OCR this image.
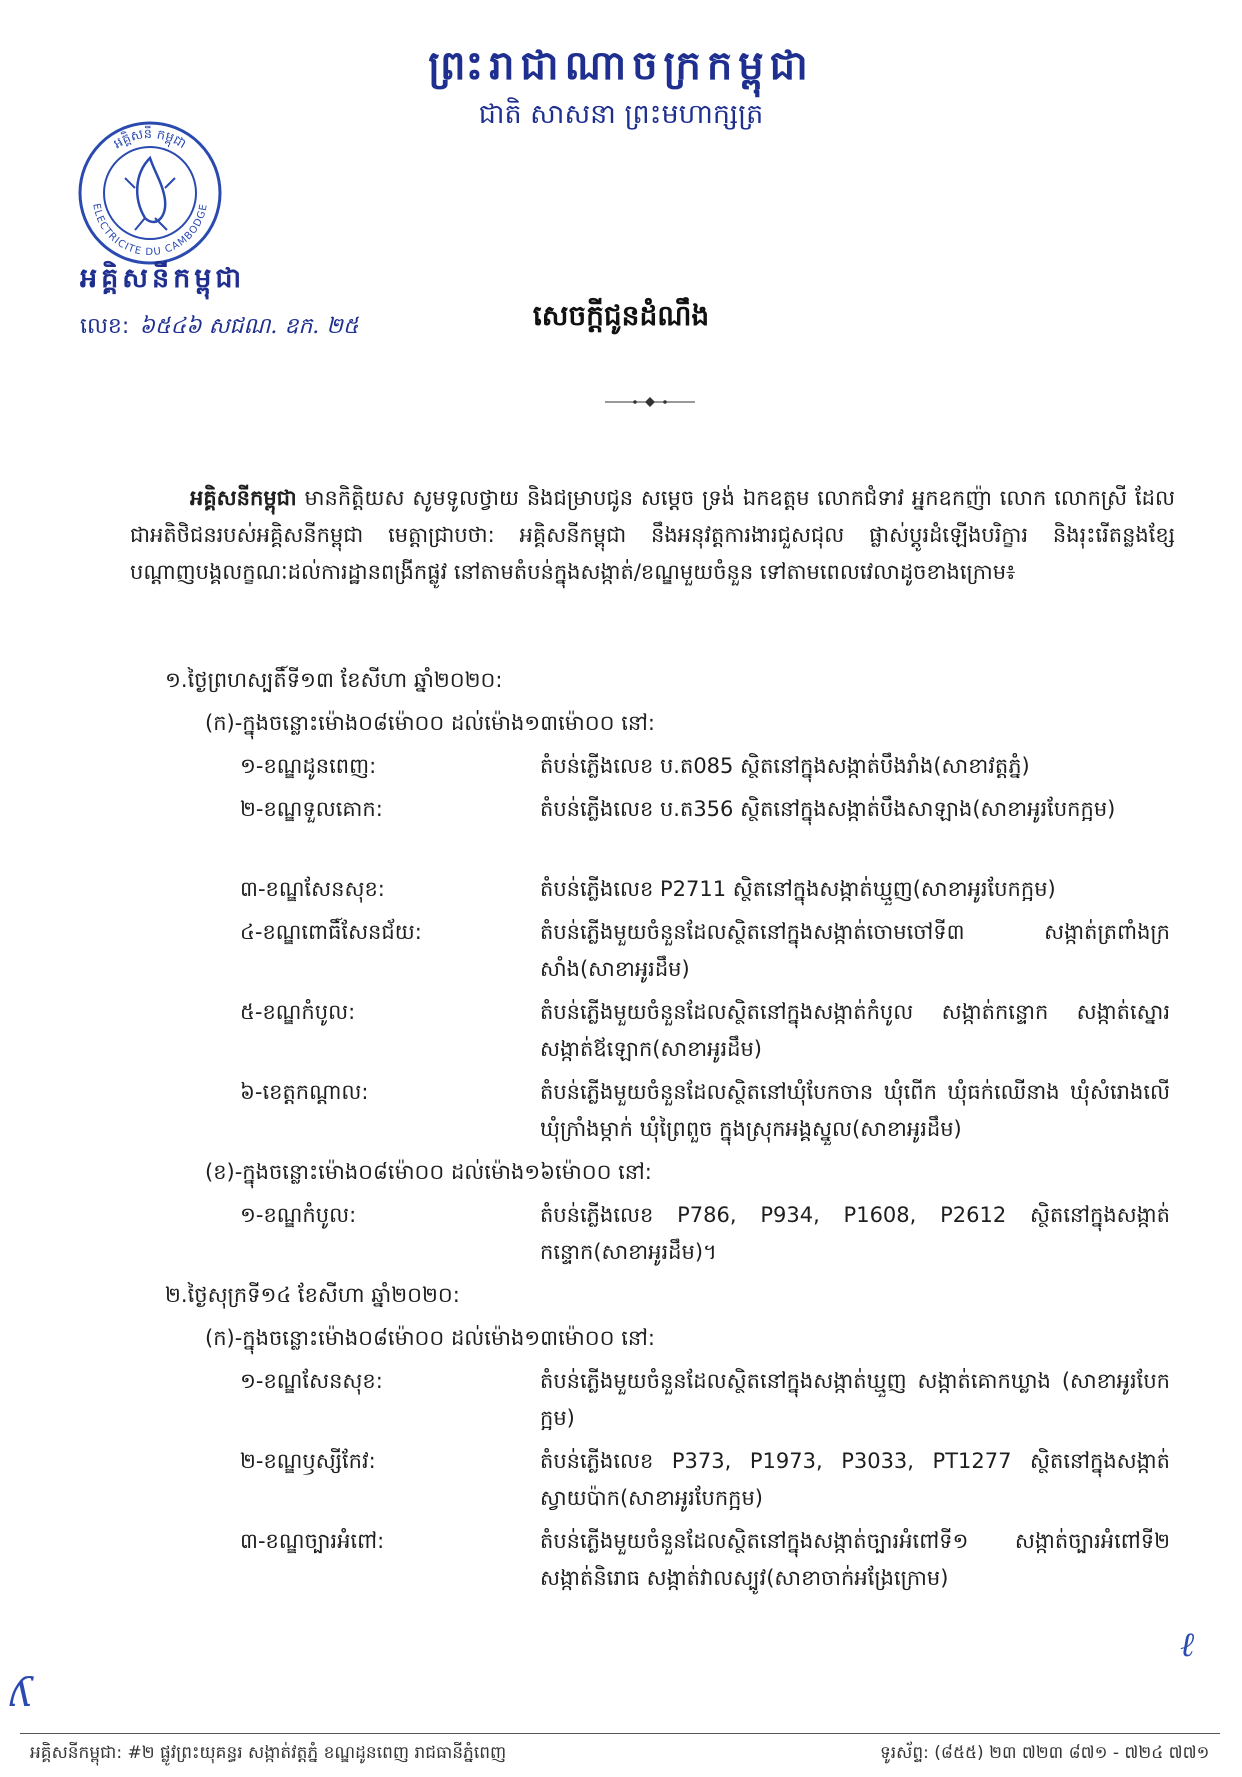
ព្រះរាជាណាចក្រកម្ពុជា
ជាតិ សាសនា ព្រះមហាក្សត្រ
អគ្គិសនី កម្ពុជា
ELECTRICITE DU CAMBODGE
អគ្គិសនីកម្ពុជា
លេខ: ៦៥៤៦ សជណ. ឧក. ២៥	សេចក្តីជូនដំណឹង
អគ្គិសនីកម្ពុជា មានកិត្តិយស សូមទូលថ្វាយ និងជម្រាបជូន សម្តេច ទ្រង់ ឯកឧត្តម លោកជំទាវ អ្នកឧកញ៉ា លោក លោកស្រី ដែលជាអតិថិជនរបស់អគ្គិសនីកម្ពុជា មេត្តាជ្រាបថា: អគ្គិសនីកម្ពុជា នឹងអនុវត្តការងារជួសជុល ផ្លាស់ប្តូរដំឡើងបរិក្ខារ និងរុះរើតន្លងខ្សែបណ្តាញបង្គលក្ខណៈដល់ការដ្ឋានពង្រីកផ្លូវ នៅតាមតំបន់ក្នុងសង្កាត់/ខណ្ឌមួយចំនួន ទៅតាមពេលវេលាដូចខាងក្រោម៖
១.ថ្ងៃព្រហស្បតិ៍ទី១៣ ខែសីហា ឆ្នាំ២០២០:
(ក)-ក្នុងចន្លោះម៉ោង០៨ម៉ោ០០ ដល់ម៉ោង១៣ម៉ោ០០ នៅ:
១-ខណ្ឌដូនពេញ:	តំបន់ភ្លើងលេខ ប.ត085 ស្ថិតនៅក្នុងសង្កាត់បឹងរាំង(សាខាវត្តភ្នំ)
២-ខណ្ឌទួលគោក:	តំបន់ភ្លើងលេខ ប.ត356 ស្ថិតនៅក្នុងសង្កាត់បឹងសាឡាង(សាខាអូរបែកក្អម)
៣-ខណ្ឌសែនសុខ:	តំបន់ភ្លើងលេខ P2711 ស្ថិតនៅក្នុងសង្កាត់ឃ្មួញ(សាខាអូរបែកក្អម)
៤-ខណ្ឌពោធិ៍សែនជ័យ:	តំបន់ភ្លើងមួយចំនួនដែលស្ថិតនៅក្នុងសង្កាត់ចោមចៅទី៣ សង្កាត់ត្រពាំងក្រសាំង(សាខាអូរដឹម)
៥-ខណ្ឌកំបូល:	តំបន់ភ្លើងមួយចំនួនដែលស្ថិតនៅក្នុងសង្កាត់កំបូល សង្កាត់កន្ទោក សង្កាត់ស្នោរ សង្កាត់ឪឡោក(សាខាអូរដឹម)
៦-ខេត្តកណ្តាល:	តំបន់ភ្លើងមួយចំនួនដែលស្ថិតនៅឃុំបែកចាន ឃុំពើក ឃុំធក់ឈើនាង ឃុំសំរោងលើ ឃុំក្រាំងម្កាក់ ឃុំព្រៃពួច ក្នុងស្រុកអង្គស្នួល(សាខាអូរដឹម)
(ខ)-ក្នុងចន្លោះម៉ោង០៨ម៉ោ០០ ដល់ម៉ោង១៦ម៉ោ០០ នៅ:
១-ខណ្ឌកំបូល:	តំបន់ភ្លើងលេខ P786, P934, P1608, P2612 ស្ថិតនៅក្នុងសង្កាត់កន្ទោក(សាខាអូរដឹម)។
២.ថ្ងៃសុក្រទី១៤ ខែសីហា ឆ្នាំ២០២០:
(ក)-ក្នុងចន្លោះម៉ោង០៨ម៉ោ០០ ដល់ម៉ោង១៣ម៉ោ០០ នៅ:
១-ខណ្ឌសែនសុខ:	តំបន់ភ្លើងមួយចំនួនដែលស្ថិតនៅក្នុងសង្កាត់ឃ្មួញ សង្កាត់គោកឃ្លាង (សាខាអូរបែកក្អម)
២-ខណ្ឌឫស្សីកែវ:	តំបន់ភ្លើងលេខ P373, P1973, P3033, PT1277 ស្ថិតនៅក្នុងសង្កាត់ស្វាយប៉ាក(សាខាអូរបែកក្អម)
៣-ខណ្ឌច្បារអំពៅ:	តំបន់ភ្លើងមួយចំនួនដែលស្ថិតនៅក្នុងសង្កាត់ច្បារអំពៅទី១ សង្កាត់ច្បារអំពៅទី២ សង្កាត់និរោធ សង្កាត់វាលស្បូវ(សាខាចាក់អង្រែក្រោម)
អគ្គិសនីកម្ពុជា: #២ ផ្លូវព្រះយុគន្ធរ សង្កាត់វត្តភ្នំ ខណ្ឌដូនពេញ រាជធានីភ្នំពេញ	ទូរស័ព្ទ: (៨៥៥) ២៣ ៧២៣ ៨៧១ - ៧២៤ ៧៧១
ℓ
ʎ
